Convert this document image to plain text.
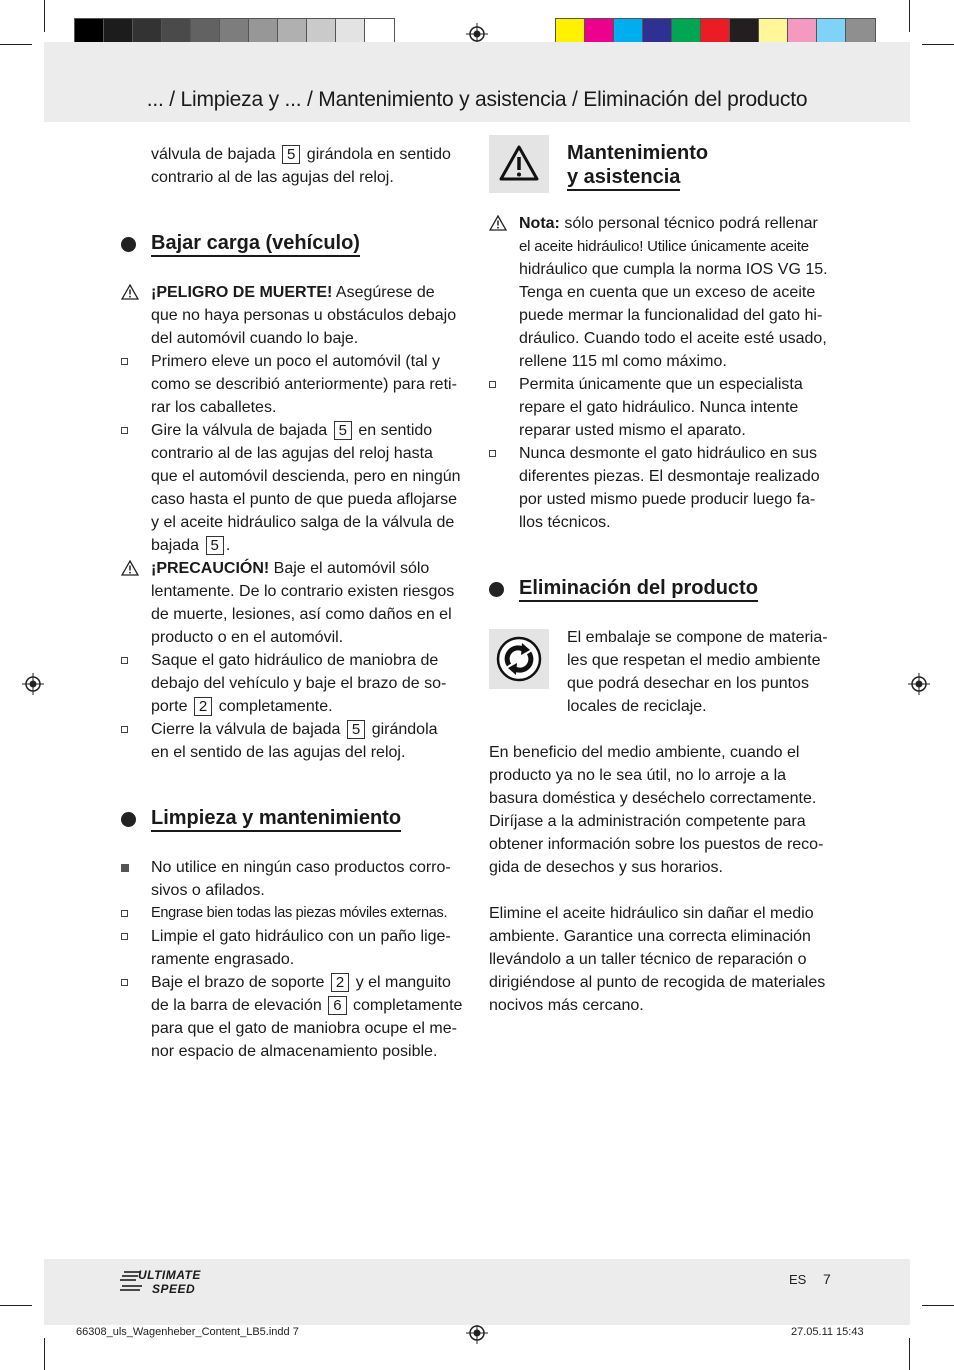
... / Limpieza y ... / Mantenimiento y asistencia / Eliminación del producto
válvula de bajada 5 girándola en sentido
contrario al de las agujas del reloj.
Bajar carga (vehículo)
¡PELIGRO DE MUERTE! Asegúrese de
que no haya personas u obstáculos debajo
del automóvil cuando lo baje.
Primero eleve un poco el automóvil (tal y
como se describió anteriormente) para reti-
rar los caballetes.
Gire la válvula de bajada 5 en sentido
contrario al de las agujas del reloj hasta
que el automóvil descienda, pero en ningún
caso hasta el punto de que pueda aflojarse
y el aceite hidráulico salga de la válvula de
bajada 5 .
¡PRECAUCIÓN! Baje el automóvil sólo
lentamente. De lo contrario existen riesgos
de muerte, lesiones, así como daños en el
producto o en el automóvil.
Saque el gato hidráulico de maniobra de
debajo del vehículo y baje el brazo de so-
porte 2 completamente.
Cierre la válvula de bajada 5 girándola
en el sentido de las agujas del reloj.
Limpieza y mantenimiento
No utilice en ningún caso productos corro-
sivos o afilados.
Engrase bien todas las piezas móviles externas.
Limpie el gato hidráulico con un paño lige-
ramente engrasado.
Baje el brazo de soporte 2 y el manguito
de la barra de elevación 6 completamente
para que el gato de maniobra ocupe el me-
nor espacio de almacenamiento posible.
Mantenimiento
y asistencia
Nota: sólo personal técnico podrá rellenar
el aceite hidráulico! Utilice únicamente aceite
hidráulico que cumpla la norma IOS VG 15.
Tenga en cuenta que un exceso de aceite
puede mermar la funcionalidad del gato hi-
dráulico. Cuando todo el aceite esté usado,
rellene 115 ml como máximo.
Permita únicamente que un especialista
repare el gato hidráulico. Nunca intente
reparar usted mismo el aparato.
Nunca desmonte el gato hidráulico en sus
diferentes piezas. El desmontaje realizado
por usted mismo puede producir luego fa-
llos técnicos.
Eliminación del producto
El embalaje se compone de materia-
les que respetan el medio ambiente
que podrá desechar en los puntos
locales de reciclaje.
En beneficio del medio ambiente, cuando el
producto ya no le sea útil, no lo arroje a la
basura doméstica y deséchelo correctamente.
Diríjase a la administración competente para
obtener información sobre los puestos de reco-
gida de desechos y sus horarios.
Elimine el aceite hidráulico sin dañar el medio
ambiente. Garantice una correcta eliminación
llevándolo a un taller técnico de reparación o
dirigiéndose al punto de recogida de materiales
nocivos más cercano.
ULTIMATE
SPEED
ES 7
66308_uls_Wagenheber_Content_LB5.indd 7	27.05.11 15:43
